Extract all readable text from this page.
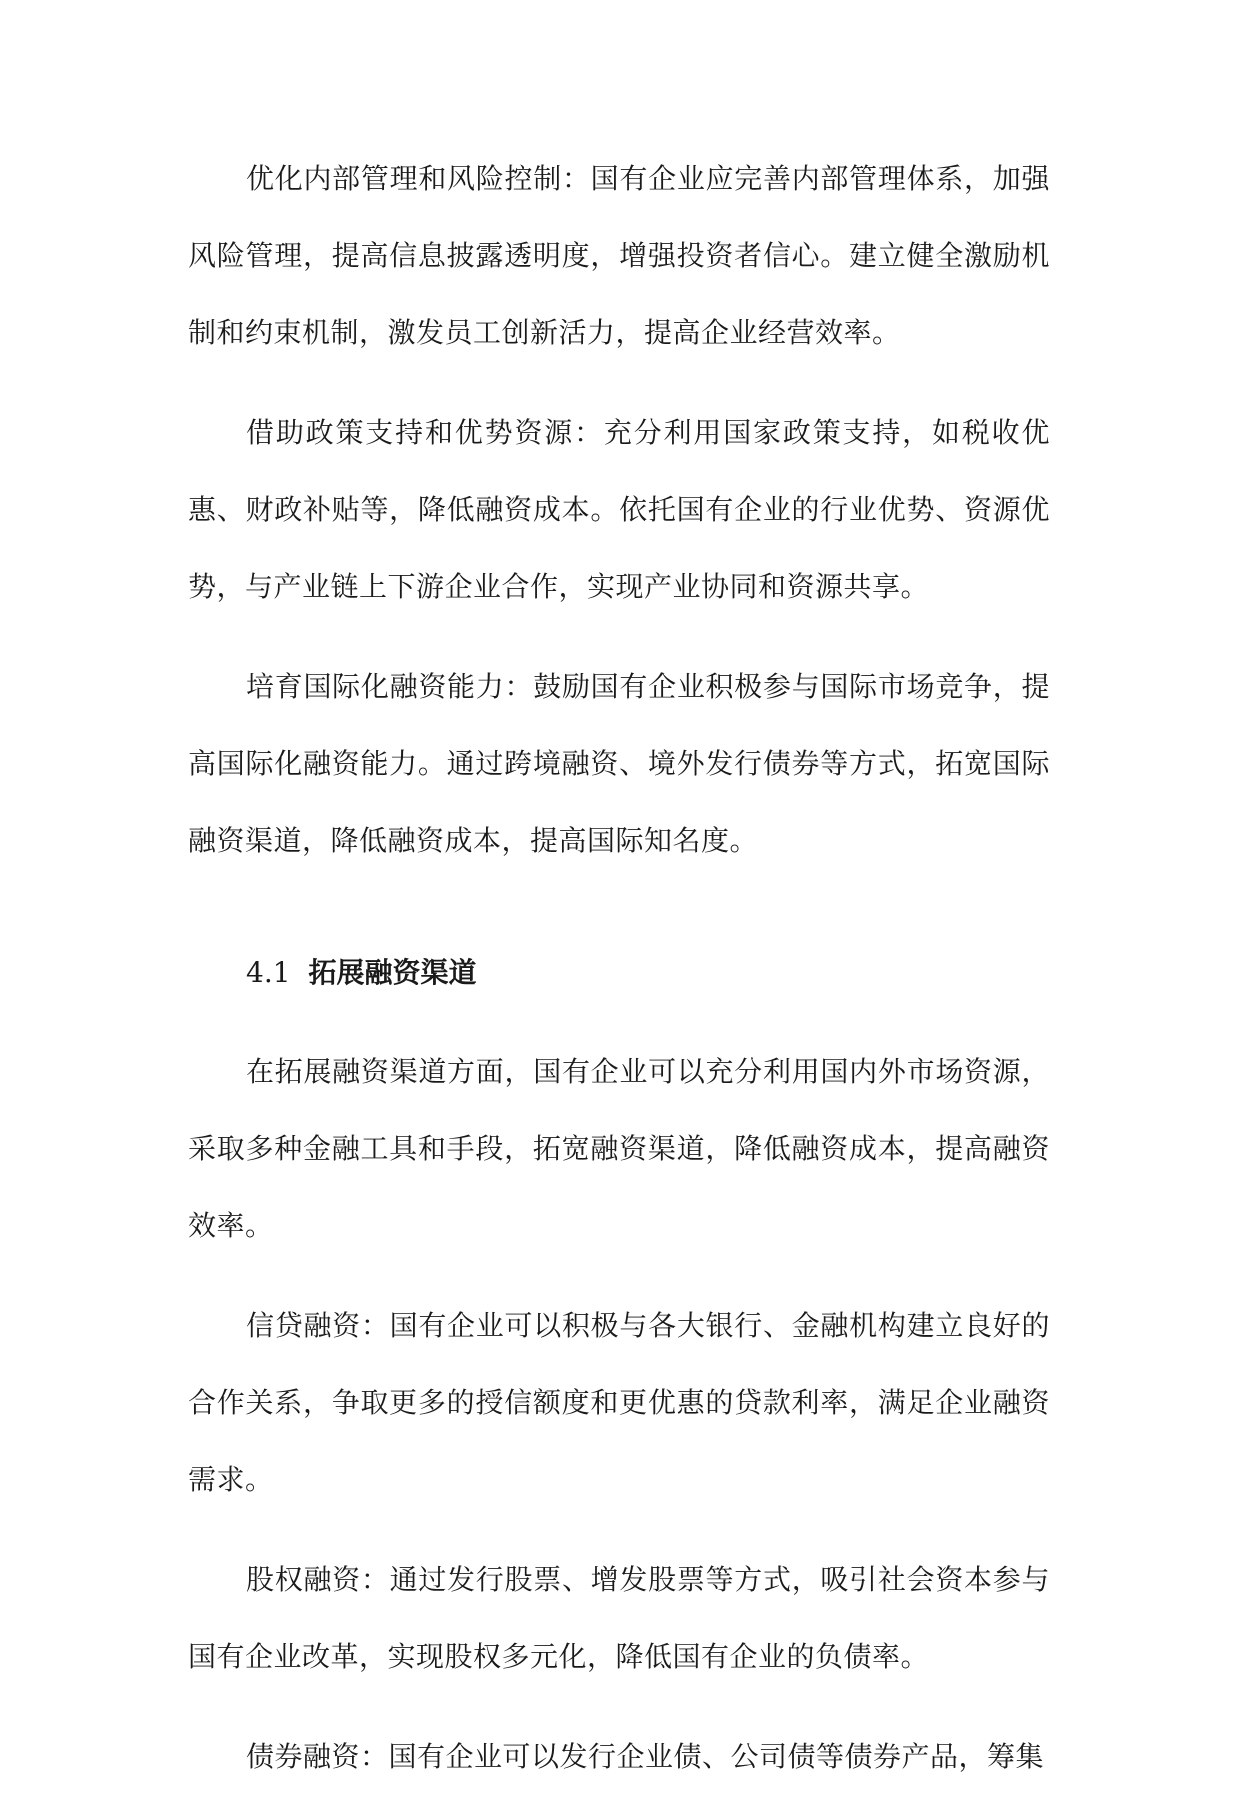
优化内部管理和风险控制：国有企业应完善内部管理体系，加强风险管理，提高信息披露透明度，增强投资者信心。建立健全激励机制和约束机制，激发员工创新活力，提高企业经营效率。

借助政策支持和优势资源：充分利用国家政策支持，如税收优惠、财政补贴等，降低融资成本。依托国有企业的行业优势、资源优势，与产业链上下游企业合作，实现产业协同和资源共享。

培育国际化融资能力：鼓励国有企业积极参与国际市场竞争，提高国际化融资能力。通过跨境融资、境外发行债券等方式，拓宽国际融资渠道，降低融资成本，提高国际知名度。

4.1 拓展融资渠道

在拓展融资渠道方面，国有企业可以充分利用国内外市场资源，采取多种金融工具和手段，拓宽融资渠道，降低融资成本，提高融资效率。

信贷融资：国有企业可以积极与各大银行、金融机构建立良好的合作关系，争取更多的授信额度和更优惠的贷款利率，满足企业融资需求。

股权融资：通过发行股票、增发股票等方式，吸引社会资本参与国有企业改革，实现股权多元化，降低国有企业的负债率。

债券融资：国有企业可以发行企业债、公司债等债券产品，筹集
